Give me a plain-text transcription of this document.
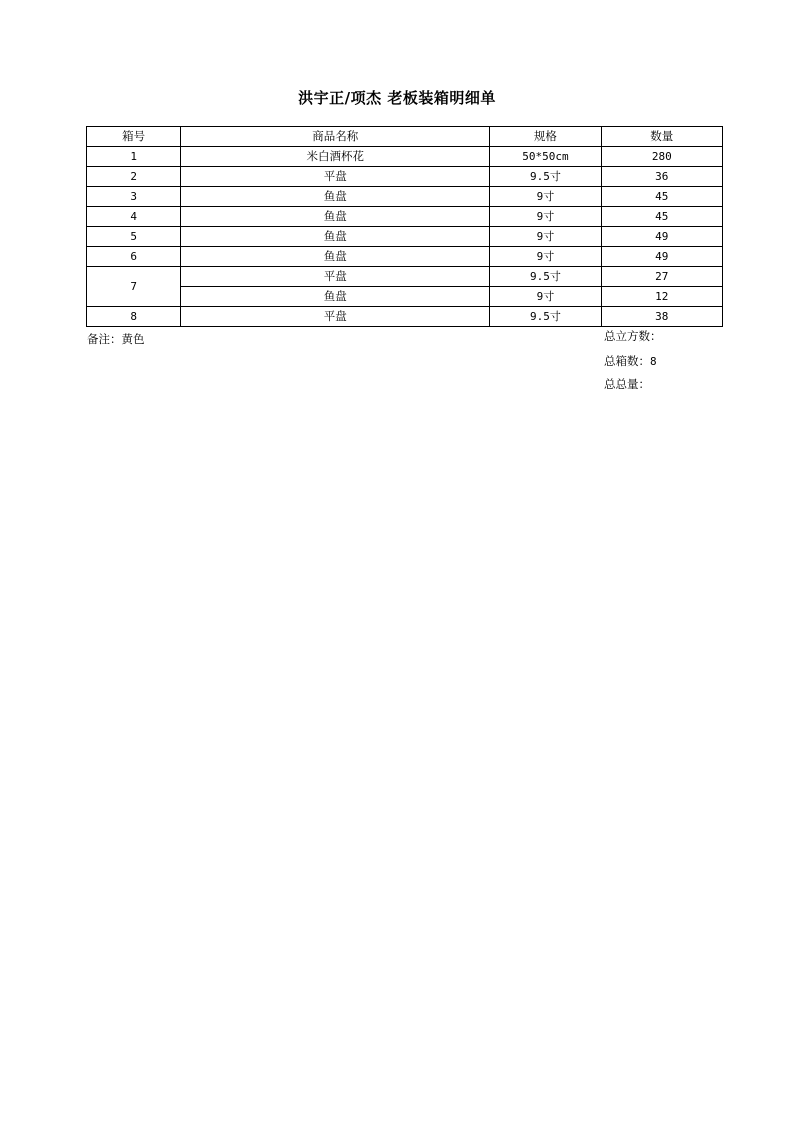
洪宇正/项杰 老板装箱明细单
箱号	商品名称	规格	数量
1	米白酒杯花	50*50cm	280
2	平盘	9.5寸	36
3	鱼盘	9寸	45
4	鱼盘	9寸	45
5	鱼盘	9寸	49
6	鱼盘	9寸	49
7	平盘	9.5寸	27
	鱼盘	9寸	12
8	平盘	9.5寸	38
备注：黄色	总立方数：
总箱数：8
总总量：
